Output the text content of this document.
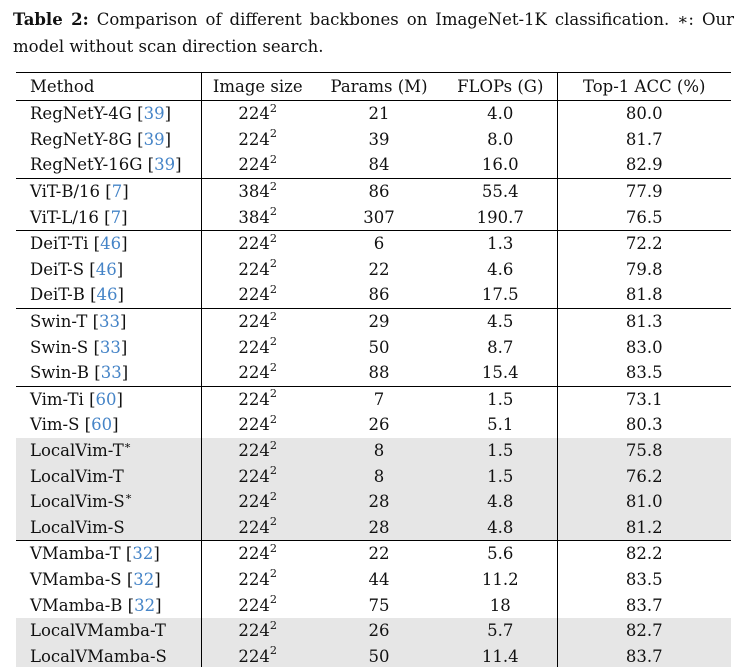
Table 2: Comparison of different backbones on ImageNet-1K classification. ∗: Our model without scan direction search.
Method	Image size	Params (M)	FLOPs (G)	Top-1 ACC (%)
RegNetY-4G [39]	$224^2$	21	4.0	80.0
RegNetY-8G [39]	$224^2$	39	8.0	81.7
RegNetY-16G [39]	$224^2$	84	16.0	82.9
ViT-B/16 [7]	$384^2$	86	55.4	77.9
ViT-L/16 [7]	$384^2$	307	190.7	76.5
DeiT-Ti [46]	$224^2$	6	1.3	72.2
DeiT-S [46]	$224^2$	22	4.6	79.8
DeiT-B [46]	$224^2$	86	17.5	81.8
Swin-T [33]	$224^2$	29	4.5	81.3
Swin-S [33]	$224^2$	50	8.7	83.0
Swin-B [33]	$224^2$	88	15.4	83.5
Vim-Ti [60]	$224^2$	7	1.5	73.1
Vim-S [60]	$224^2$	26	5.1	80.3
LocalVim-T∗	$224^2$	8	1.5	75.8
LocalVim-T	$224^2$	8	1.5	76.2
LocalVim-S∗	$224^2$	28	4.8	81.0
LocalVim-S	$224^2$	28	4.8	81.2
VMamba-T [32]	$224^2$	22	5.6	82.2
VMamba-S [32]	$224^2$	44	11.2	83.5
VMamba-B [32]	$224^2$	75	18	83.7
LocalVMamba-T	$224^2$	26	5.7	82.7
LocalVMamba-S	$224^2$	50	11.4	83.7
